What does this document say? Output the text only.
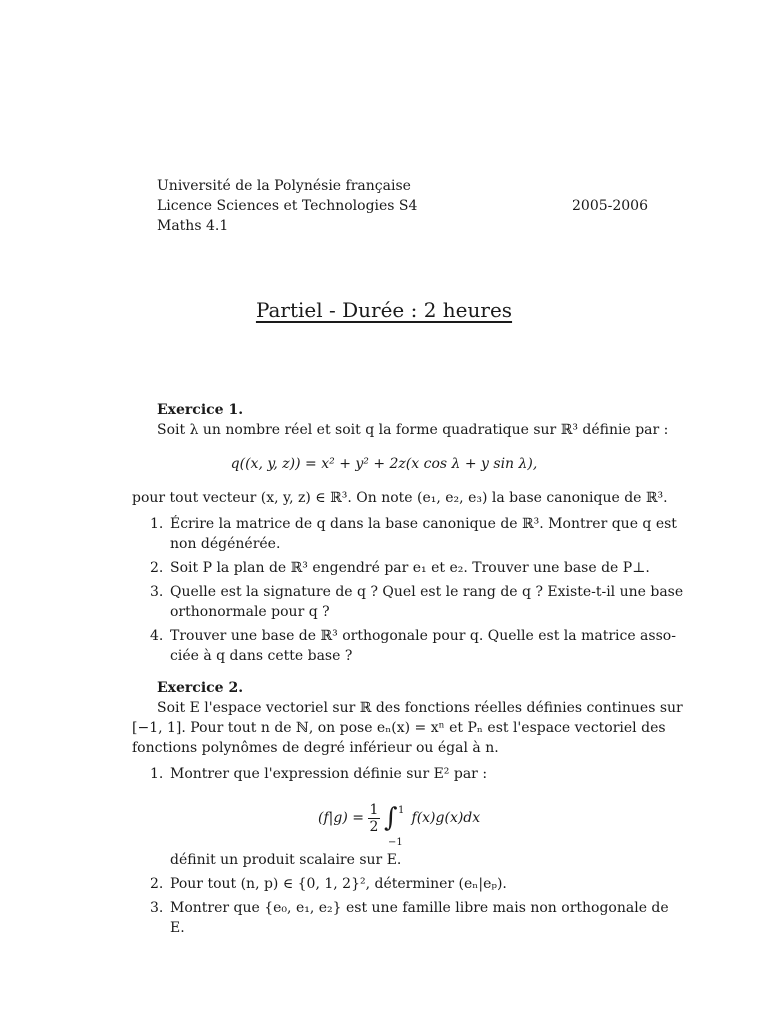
Université de la Polynésie française
Licence Sciences et Technologies S4	2005-2006
Maths 4.1
Partiel - Durée : 2 heures
Exercice 1.
Soit λ un nombre réel et soit q la forme quadratique sur ℝ³ définie par :
q((x, y, z)) = x² + y² + 2z(x cos λ + y sin λ),
pour tout vecteur (x, y, z) ∈ ℝ³. On note (e₁, e₂, e₃) la base canonique de ℝ³.
1. Écrire la matrice de q dans la base canonique de ℝ³. Montrer que q est
non dégénérée.
2. Soit P la plan de ℝ³ engendré par e₁ et e₂. Trouver une base de P⊥.
3. Quelle est la signature de q ? Quel est le rang de q ? Existe-t-il une base
orthonormale pour q ?
4. Trouver une base de ℝ³ orthogonale pour q. Quelle est la matrice asso-
ciée à q dans cette base ?
Exercice 2.
Soit E l'espace vectoriel sur ℝ des fonctions réelles définies continues sur
[−1, 1]. Pour tout n de ℕ, on pose eₙ(x) = xⁿ et Pₙ est l'espace vectoriel des
fonctions polynômes de degré inférieur ou égal à n.
1. Montrer que l'expression définie sur E² par :
$(f|g) = \frac{1}{2}$ ∫ 1
−1
f(x)g(x)dx
définit un produit scalaire sur E.
2. Pour tout (n, p) ∈ {0, 1, 2}², déterminer (eₙ|eₚ).
3. Montrer que {e₀, e₁, e₂} est une famille libre mais non orthogonale de
E.
